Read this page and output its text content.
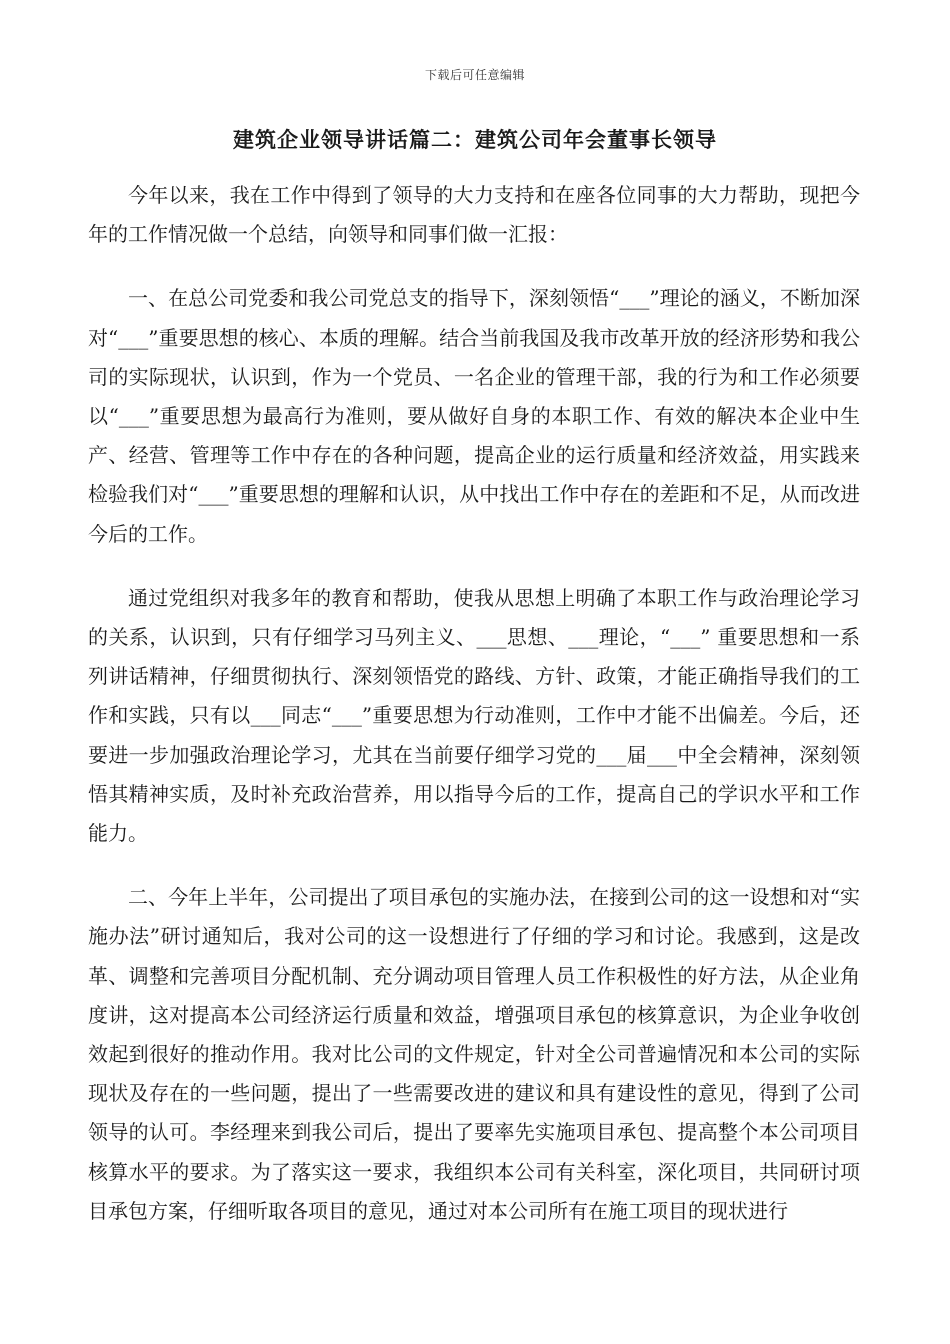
下载后可任意编辑
建筑企业领导讲话篇二：建筑公司年会董事长领导

今年以来，我在工作中得到了领导的大力支持和在座各位同事的大力帮助，现把今年的工作情况做一个总结，向领导和同事们做一汇报：

一、在总公司党委和我公司党总支的指导下，深刻领悟“___”理论的涵义，不断加深对“___”重要思想的核心、本质的理解。结合当前我国及我市改革开放的经济形势和我公司的实际现状，认识到，作为一个党员、一名企业的管理干部，我的行为和工作必须要以“___”重要思想为最高行为准则，要从做好自身的本职工作、有效的解决本企业中生产、经营、管理等工作中存在的各种问题，提高企业的运行质量和经济效益，用实践来检验我们对“___”重要思想的理解和认识，从中找出工作中存在的差距和不足，从而改进今后的工作。

通过党组织对我多年的教育和帮助，使我从思想上明确了本职工作与政治理论学习的关系，认识到，只有仔细学习马列主义、___思想、___理论，“___” 重要思想和一系列讲话精神，仔细贯彻执行、深刻领悟党的路线、方针、政策，才能正确指导我们的工作和实践，只有以___同志“___”重要思想为行动准则，工作中才能不出偏差。今后，还要进一步加强政治理论学习，尤其在当前要仔细学习党的___届___中全会精神，深刻领悟其精神实质，及时补充政治营养，用以指导今后的工作，提高自己的学识水平和工作能力。

二、今年上半年，公司提出了项目承包的实施办法，在接到公司的这一设想和对“实施办法”研讨通知后，我对公司的这一设想进行了仔细的学习和讨论。我感到，这是改革、调整和完善项目分配机制、充分调动项目管理人员工作积极性的好方法，从企业角度讲，这对提高本公司经济运行质量和效益，增强项目承包的核算意识，为企业争收创效起到很好的推动作用。我对比公司的文件规定，针对全公司普遍情况和本公司的实际现状及存在的一些问题，提出了一些需要改进的建议和具有建设性的意见，得到了公司领导的认可。李经理来到我公司后，提出了要率先实施项目承包、提高整个本公司项目核算水平的要求。为了落实这一要求，我组织本公司有关科室，深化项目，共同研讨项目承包方案，仔细听取各项目的意见，通过对本公司所有在施工项目的现状进行
